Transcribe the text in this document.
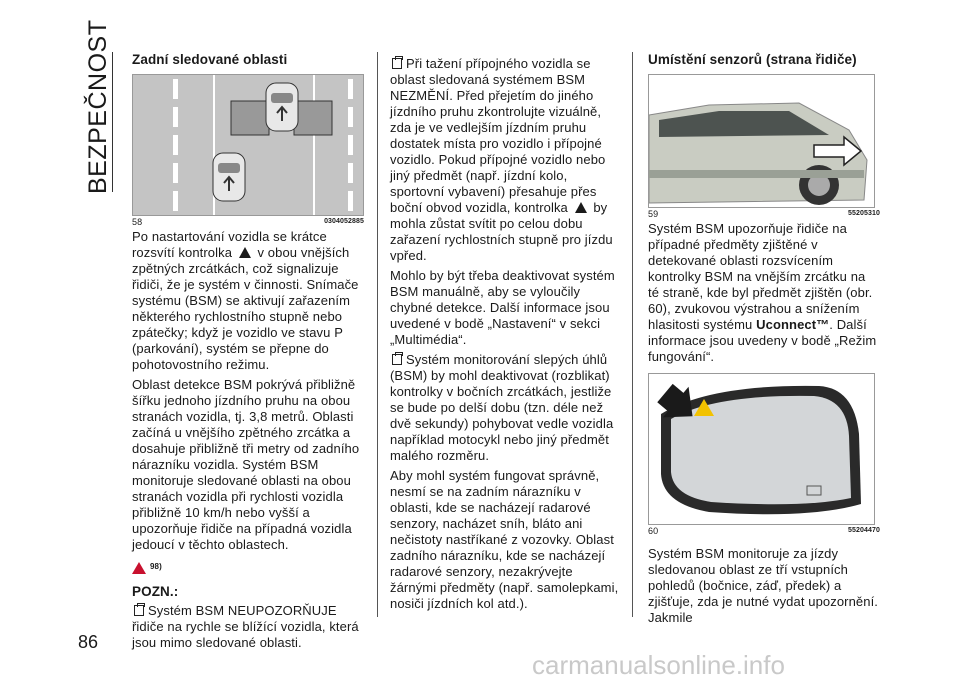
BEZPEČNOST
86
Zadní sledované oblasti
58	0304052885

Po nastartování vozidla se krátce rozsvítí kontrolka v obou vnějších zpětných zrcátkách, což signalizuje řidiči, že je systém v činnosti. Snímače systému (BSM) se aktivují zařazením některého rychlostního stupně nebo zpátečky; když je vozidlo ve stavu P (parkování), systém se přepne do pohotovostního režimu.

Oblast detekce BSM pokrývá přibližně šířku jednoho jízdního pruhu na obou stranách vozidla, tj. 3,8 metrů. Oblasti začíná u vnějšího zpětného zrcátka a dosahuje přibližně tři metry od zadního nárazníku vozidla. Systém BSM monitoruje sledované oblasti na obou stranách vozidla při rychlosti vozidla přibližně 10 km/h nebo vyšší a upozorňuje řidiče na případná vozidla jedoucí v těchto oblastech.

$^{98)}$

POZN.:

Systém BSM NEUPOZORŇUJE řidiče na rychle se blížící vozidla, která jsou mimo sledované oblasti.

Při tažení přípojného vozidla se oblast sledovaná systémem BSM NEZMĚNÍ. Před přejetím do jiného jízdního pruhu zkontrolujte vizuálně, zda je ve vedlejším jízdním pruhu dostatek místa pro vozidlo i přípojné vozidlo. Pokud přípojné vozidlo nebo jiný předmět (např. jízdní kolo, sportovní vybavení) přesahuje přes boční obvod vozidla, kontrolka by mohla zůstat svítit po celou dobu zařazení rychlostních stupně pro jízdu vpřed.

Mohlo by být třeba deaktivovat systém BSM manuálně, aby se vyloučily chybné detekce. Další informace jsou uvedené v bodě „Nastavení“ v sekci „Multimédia“.

Systém monitorování slepých úhlů (BSM) by mohl deaktivovat (rozblikat) kontrolky v bočních zrcátkách, jestliže se bude po delší dobu (tzn. déle než dvě sekundy) pohybovat vedle vozidla například motocykl nebo jiný předmět malého rozměru.

Aby mohl systém fungovat správně, nesmí se na zadním nárazníku v oblasti, kde se nacházejí radarové senzory, nacházet sníh, bláto ani nečistoty nastříkané z vozovky. Oblast zadního nárazníku, kde se nacházejí radarové senzory, nezakrývejte žárnými předměty (např. samolepkami, nosiči jízdních kol atd.).

Umístění senzorů (strana řidiče)
59	55205310

Systém BSM upozorňuje řidiče na případné předměty zjištěné v detekované oblasti rozsvícením kontrolky BSM na vnějším zrcátku na té straně, kde byl předmět zjištěn (obr. 60), zvukovou výstrahou a snížením hlasitosti systému Uconnect™. Další informace jsou uvedeny v bodě „Režim fungování“.

60	55204470

Systém BSM monitoruje za jízdy sledovanou oblast ze tří vstupních pohledů (bočnice, záď, předek) a zjišťuje, zda je nutné vydat upozornění. Jakmile

carmanualsonline.info
